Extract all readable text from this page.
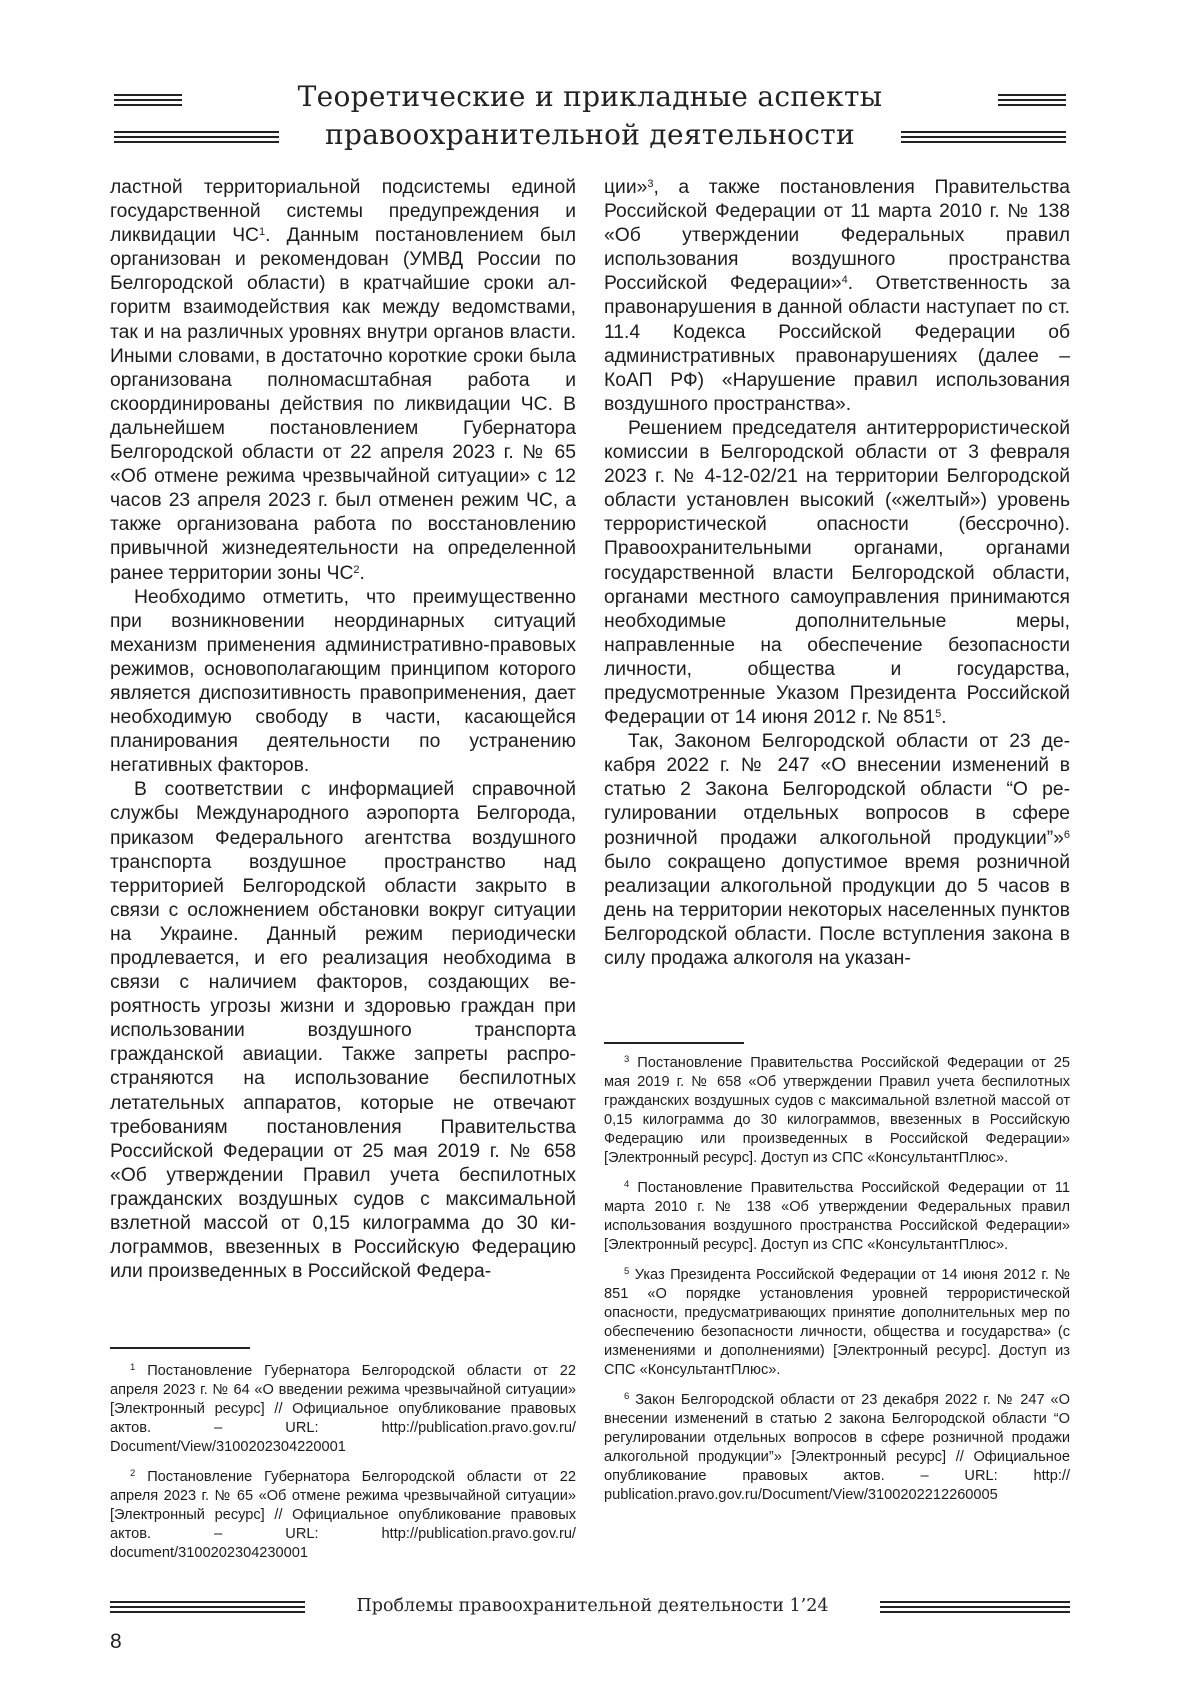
Теоретические и прикладные аспекты
правоохранительной деятельности

ластной территориальной подсистемы единой государственной системы предупреждения и ликвидации $ЧС^1$. Данным постановлением был организован и рекомендован (УМВД России по Белгородской области) в кратчайшие сроки алгоритм взаимодействия как между ведомствами, так и на различных уровнях внутри органов власти. Иными словами, в достаточно короткие сроки была организована полномасштабная работа и скоординированы действия по ликвидации ЧС. В дальнейшем постановлением Губернатора Белгородской области от 22 апреля 2023 г. № 65 «Об отмене режима чрезвычайной ситуации» с 12 часов 23 апреля 2023 г. был отменен режим ЧС, а также организована работа по восстановлению привычной жизнедеятельности на определенной ранее территории зоны $ЧС^2$.

Необходимо отметить, что преимущественно при возникновении неординарных ситуаций механизм применения административно-правовых режимов, основополагающим принципом которого является диспозитивность правоприменения, дает необходимую свободу в части, касающейся планирования деятельности по устранению негативных факторов.

В соответствии с информацией справочной службы Международного аэропорта Белгорода, приказом Федерального агентства воздушного транспорта воздушное пространство над территорией Белгородской области закрыто в связи с осложнением обстановки вокруг ситуации на Украине. Данный режим периодически продлевается, и его реализация необходима в связи с наличием факторов, создающих вероятность угрозы жизни и здоровью граждан при использовании воздушного транспорта гражданской авиации. Также запреты распространяются на использование беспилотных летательных аппаратов, которые не отвечают требованиям постановления Правительства Российской Федерации от 25 мая 2019 г. № 658 «Об утверждении Правил учета беспилотных гражданских воздушных судов с максимальной взлетной массой от 0,15 килограмма до 30 килограммов, ввезенных в Российскую Федерацию или произведенных в Российской Федера-

ции»$^3$, а также постановления Правительства Российской Федерации от 11 марта 2010 г. № 138 «Об утверждении Федеральных правил использования воздушного пространства Российской Федерации»$^4$. Ответственность за правонарушения в данной области наступает по ст. 11.4 Кодекса Российской Федерации об административных правонарушениях (далее – КоАП РФ) «Нарушение правил использования воздушного пространства».

Решением председателя антитеррористической комиссии в Белгородской области от 3 февраля 2023 г. № 4-12-02/21 на территории Белгородской области установлен высокий («желтый») уровень террористической опасности (бессрочно). Правоохранительными органами, органами государственной власти Белгородской области, органами местного самоуправления принимаются необходимые дополнительные меры, направленные на обеспечение безопасности личности, общества и государства, предусмотренные Указом Президента Российской Федерации от 14 июня 2012 г. № $851^5$.

Так, Законом Белгородской области от 23 декабря 2022 г. № 247 «О внесении изменений в статью 2 Закона Белгородской области “О регулировании отдельных вопросов в сфере розничной продажи алкогольной продукции”»$^6$ было сокращено допустимое время розничной реализации алкогольной продукции до 5 часов в день на территории некоторых населенных пунктов Белгородской области. После вступления закона в силу продажа алкоголя на указан-

$^1$ Постановление Губернатора Белгородской области от 22 апреля 2023 г. № 64 «О введении режима чрезвычайной ситуации» [Электронный ресурс] // Официальное опубликование правовых актов. – URL: http://publication.pravo.gov.ru/ Document/View/3100202304220001

$^2$ Постановление Губернатора Белгородской области от 22 апреля 2023 г. № 65 «Об отмене режима чрезвычайной ситуации» [Электронный ресурс] // Официальное опубликование правовых актов. – URL: http://publication.pravo.gov.ru/ document/3100202304230001

$^3$ Постановление Правительства Российской Федерации от 25 мая 2019 г. № 658 «Об утверждении Правил учета беспилотных гражданских воздушных судов с максимальной взлетной массой от 0,15 килограмма до 30 килограммов, ввезенных в Российскую Федерацию или произведенных в Российской Федерации» [Электронный ресурс]. Доступ из СПС «КонсультантПлюс».

$^4$ Постановление Правительства Российской Федерации от 11 марта 2010 г. № 138 «Об утверждении Федеральных правил использования воздушного пространства Российской Федерации» [Электронный ресурс]. Доступ из СПС «КонсультантПлюс».

$^5$ Указ Президента Российской Федерации от 14 июня 2012 г. № 851 «О порядке установления уровней террористической опасности, предусматривающих принятие дополнительных мер по обеспечению безопасности личности, общества и государства» (с изменениями и дополнениями) [Электронный ресурс]. Доступ из СПС «КонсультантПлюс».

$^6$ Закон Белгородской области от 23 декабря 2022 г. № 247 «О внесении изменений в статью 2 закона Белгородской области “О регулировании отдельных вопросов в сфере розничной продажи алкогольной продукции”» [Электронный ресурс] // Официальное опубликование правовых актов. – URL: http:// publication.pravo.gov.ru/Document/View/3100202212260005

Проблемы правоохранительной деятельности 1’24
8
